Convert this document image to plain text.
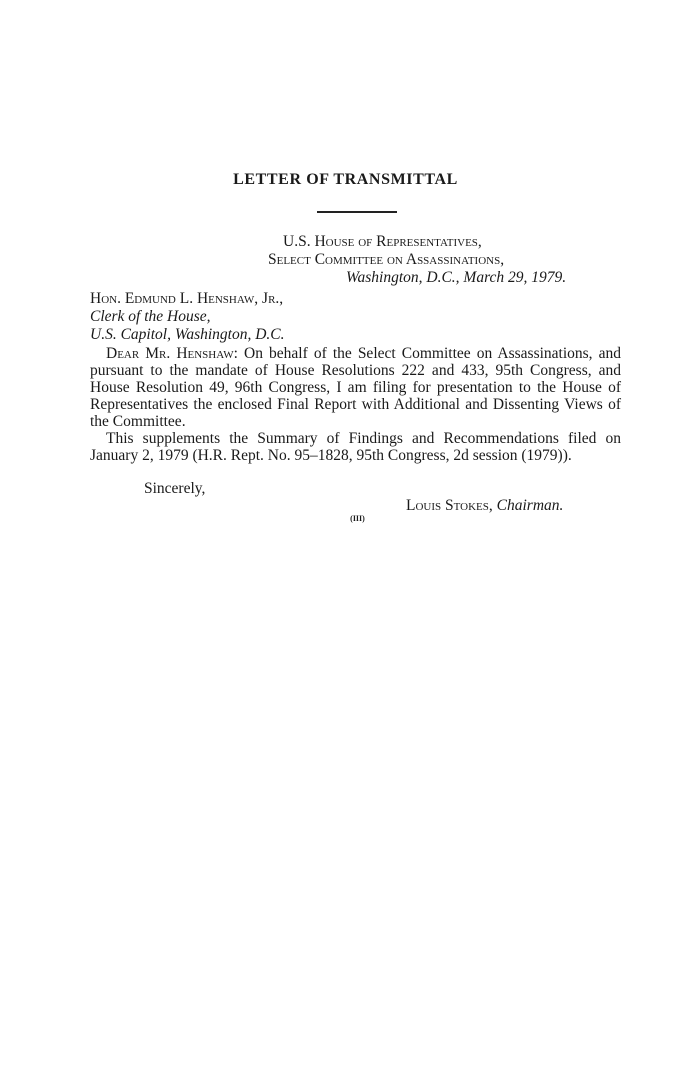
LETTER OF TRANSMITTAL
U.S. House of Representatives,
Select Committee on Assassinations,
Washington, D.C., March 29, 1979.
Hon. Edmund L. Henshaw, Jr.,
Clerk of the House,
U.S. Capitol, Washington, D.C.
Dear Mr. Henshaw: On behalf of the Select Committee on Assassinations, and pursuant to the mandate of House Resolutions 222 and 433, 95th Congress, and House Resolution 49, 96th Congress, I am filing for presentation to the House of Representatives the enclosed Final Report with Additional and Dissenting Views of the Committee.
This supplements the Summary of Findings and Recommendations filed on January 2, 1979 (H.R. Rept. No. 95–1828, 95th Congress, 2d session (1979)).
Sincerely,
Louis Stokes, Chairman.
(III)
